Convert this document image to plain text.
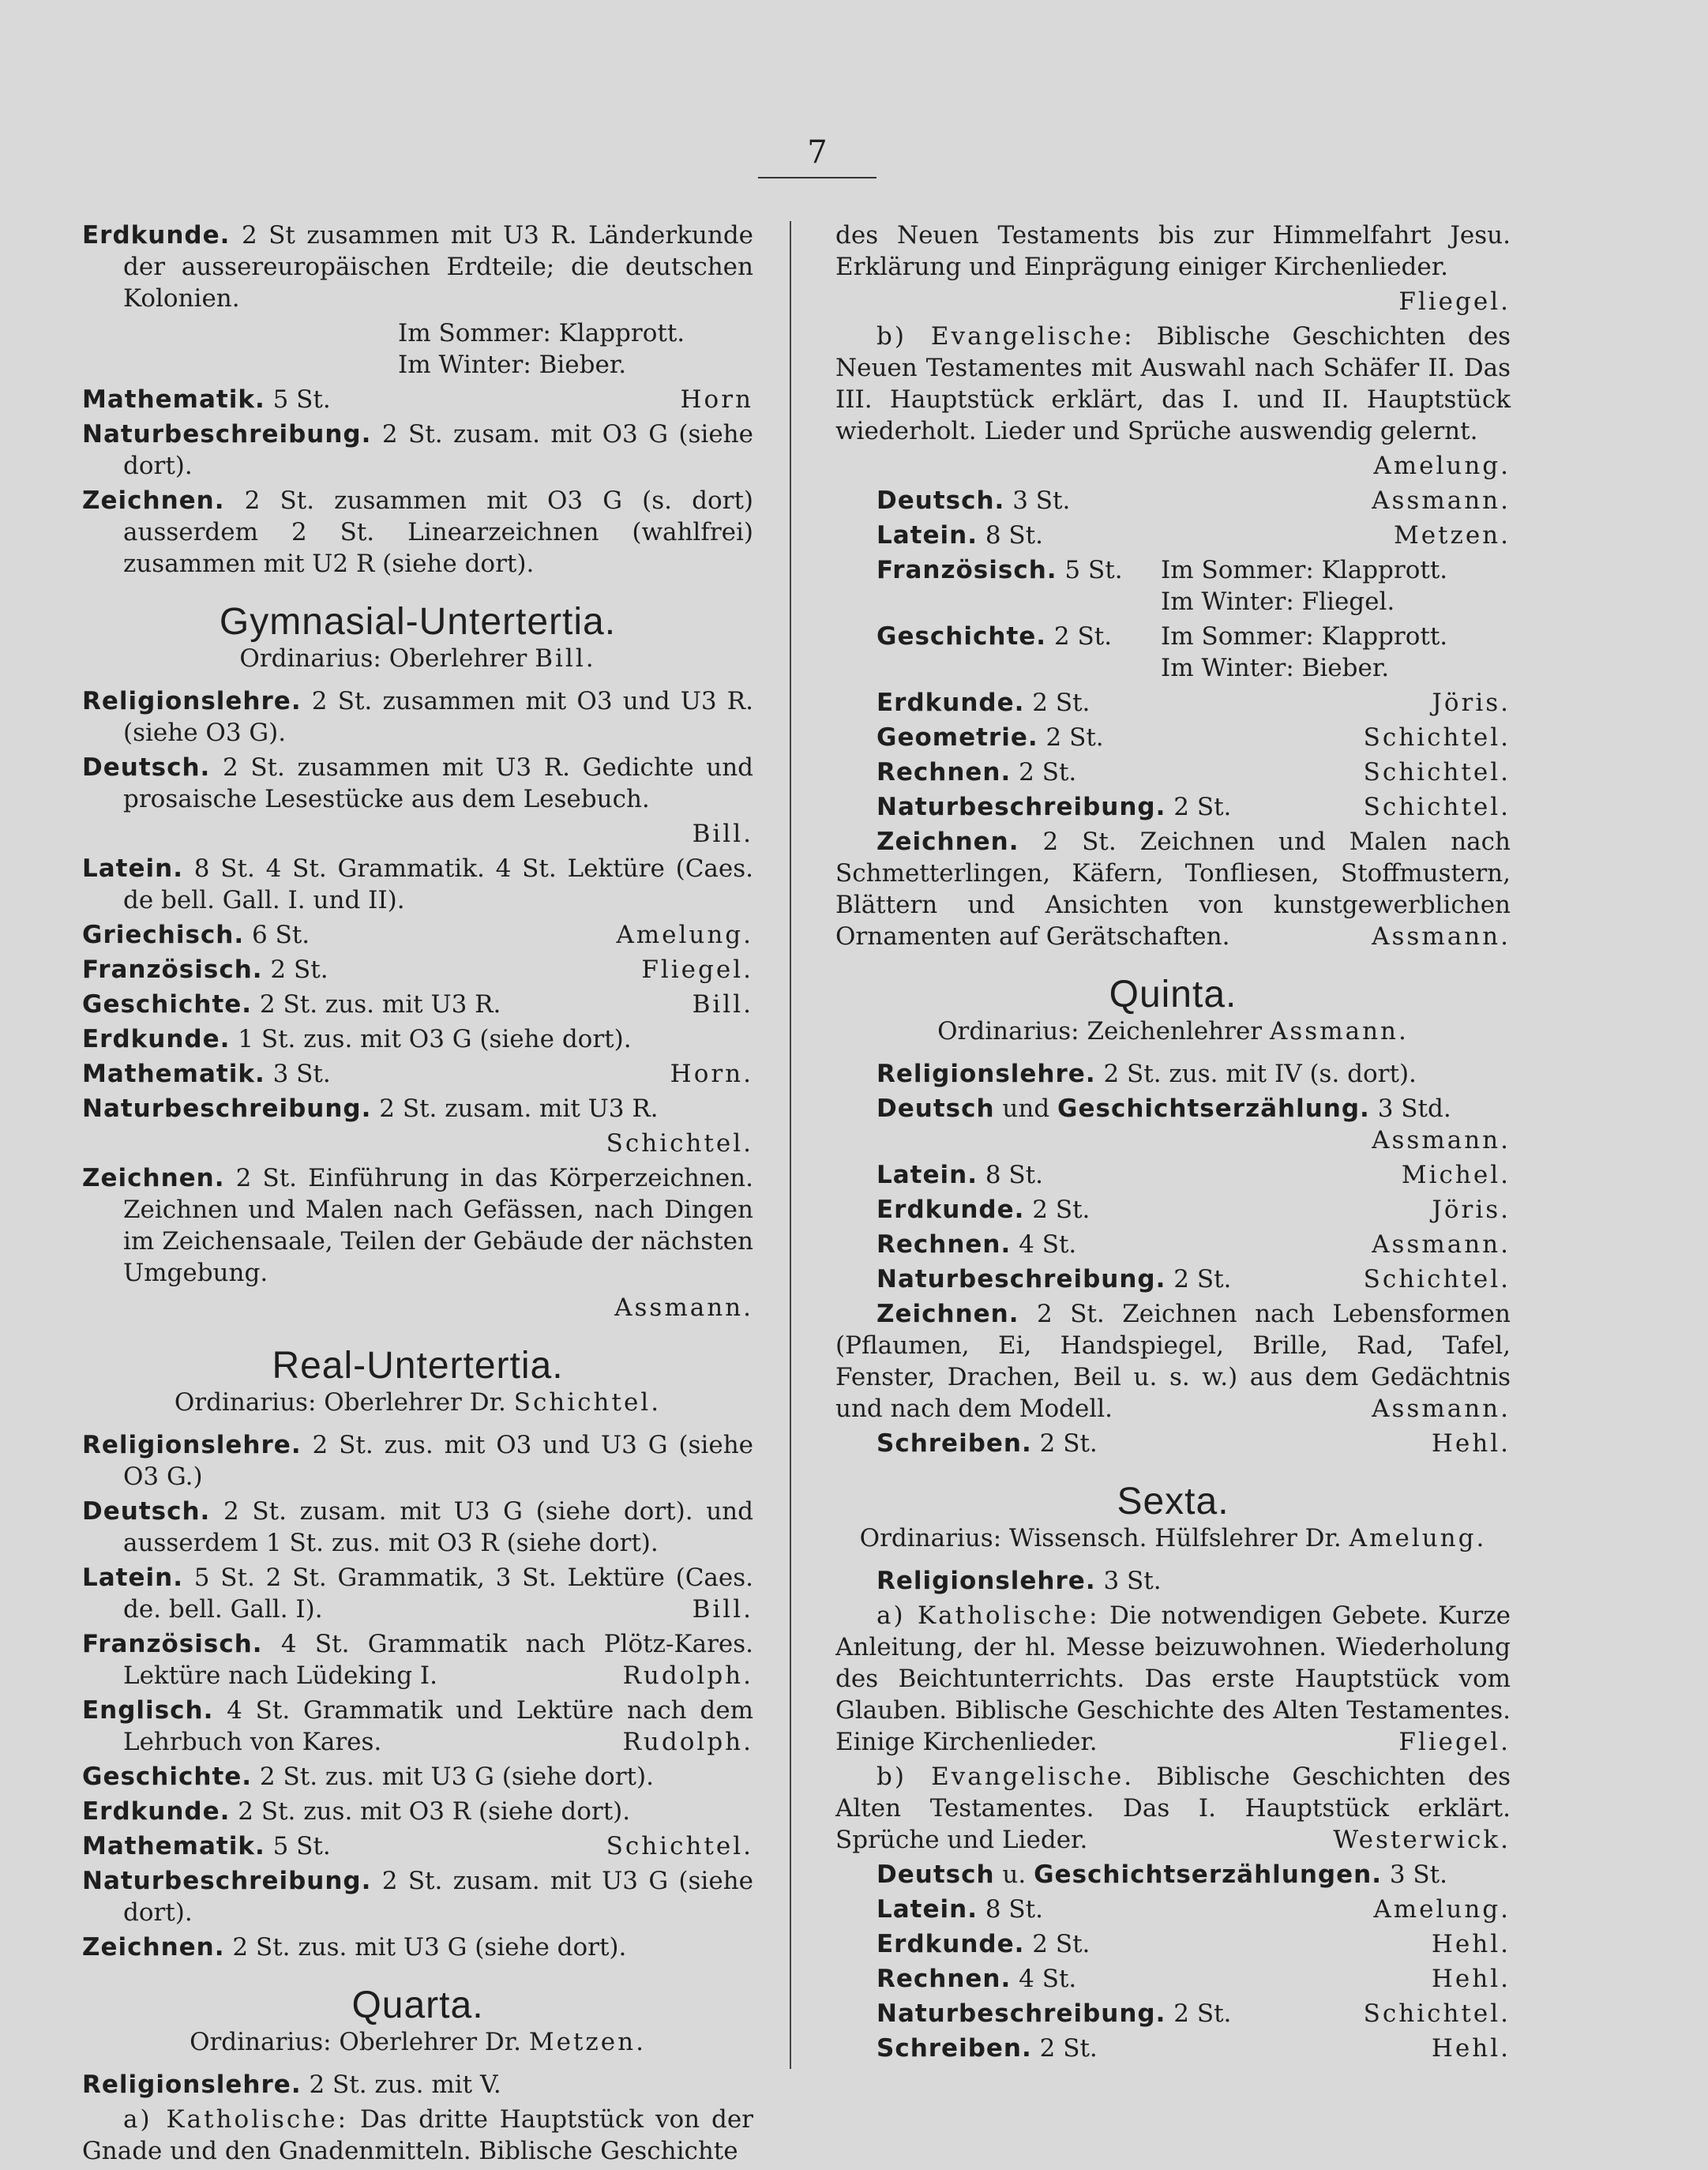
7
Erdkunde. 2 St zusammen mit U3 R. Länderkunde der aussereuropäischen Erdteile; die deutschen Kolonien.
Im Sommer: Klapprott.
Im Winter: Bieber.
Mathematik. 5 St.	Horn
Naturbeschreibung. 2 St. zusam. mit O3 G (siehe dort).
Zeichnen. 2 St. zusammen mit O3 G (s. dort) ausserdem 2 St. Linearzeichnen (wahlfrei) zusammen mit U2 R (siehe dort).
Gymnasial-Untertertia.
Ordinarius: Oberlehrer Bill.
Religionslehre. 2 St. zusammen mit O3 und U3 R. (siehe O3 G).
Deutsch. 2 St. zusammen mit U3 R. Gedichte und prosaische Lesestücke aus dem Lesebuch.
Bill.
Latein. 8 St. 4 St. Grammatik. 4 St. Lektüre (Caes. de bell. Gall. I. und II).
Griechisch. 6 St.	Amelung.
Französisch. 2 St.	Fliegel.
Geschichte. 2 St. zus. mit U3 R.	Bill.
Erdkunde. 1 St. zus. mit O3 G (siehe dort).
Mathematik. 3 St.	Horn.
Naturbeschreibung. 2 St. zusam. mit U3 R.
Schichtel.
Zeichnen. 2 St. Einführung in das Körperzeichnen. Zeichnen und Malen nach Gefässen, nach Dingen im Zeichensaale, Teilen der Gebäude der nächsten Umgebung.
Assmann.
Real-Untertertia.
Ordinarius: Oberlehrer Dr. Schichtel.
Religionslehre. 2 St. zus. mit O3 und U3 G (siehe O3 G.)
Deutsch. 2 St. zusam. mit U3 G (siehe dort). und ausserdem 1 St. zus. mit O3 R (siehe dort).
Latein. 5 St. 2 St. Grammatik, 3 St. Lektüre (Caes. de. bell. Gall. I).	Bill.
Französisch. 4 St. Grammatik nach Plötz-Kares. Lektüre nach Lüdeking I.	Rudolph.
Englisch. 4 St. Grammatik und Lektüre nach dem Lehrbuch von Kares.	Rudolph.
Geschichte. 2 St. zus. mit U3 G (siehe dort).
Erdkunde. 2 St. zus. mit O3 R (siehe dort).
Mathematik. 5 St.	Schichtel.
Naturbeschreibung. 2 St. zusam. mit U3 G (siehe dort).
Zeichnen. 2 St. zus. mit U3 G (siehe dort).
Quarta.
Ordinarius: Oberlehrer Dr. Metzen.
Religionslehre. 2 St. zus. mit V.
a) Katholische: Das dritte Hauptstück von der Gnade und den Gnadenmitteln. Biblische Geschichte
des Neuen Testaments bis zur Himmelfahrt Jesu. Erklärung und Einprägung einiger Kirchenlieder.
Fliegel.
b) Evangelische: Biblische Geschichten des Neuen Testamentes mit Auswahl nach Schäfer II. Das III. Hauptstück erklärt, das I. und II. Hauptstück wiederholt. Lieder und Sprüche auswendig gelernt.
Amelung.
Deutsch. 3 St.	Assmann.
Latein. 8 St.	Metzen.
Französisch. 5 St.	Im Sommer: Klapprott.
Im Winter: Fliegel.
Geschichte. 2 St.	Im Sommer: Klapprott.
Im Winter: Bieber.
Erdkunde. 2 St.	Jöris.
Geometrie. 2 St.	Schichtel.
Rechnen. 2 St.	Schichtel.
Naturbeschreibung. 2 St.	Schichtel.
Zeichnen. 2 St. Zeichnen und Malen nach Schmetterlingen, Käfern, Tonfliesen, Stoffmustern, Blättern und Ansichten von kunstgewerblichen Ornamenten auf Gerätschaften.	Assmann.
Quinta.
Ordinarius: Zeichenlehrer Assmann.
Religionslehre. 2 St. zus. mit IV (s. dort).
Deutsch und Geschichtserzählung. 3 Std.
Assmann.
Latein. 8 St.	Michel.
Erdkunde. 2 St.	Jöris.
Rechnen. 4 St.	Assmann.
Naturbeschreibung. 2 St.	Schichtel.
Zeichnen. 2 St. Zeichnen nach Lebensformen (Pflaumen, Ei, Handspiegel, Brille, Rad, Tafel, Fenster, Drachen, Beil u. s. w.) aus dem Gedächtnis und nach dem Modell.	Assmann.
Schreiben. 2 St.	Hehl.
Sexta.
Ordinarius: Wissensch. Hülfslehrer Dr. Amelung.
Religionslehre. 3 St.
a) Katholische: Die notwendigen Gebete. Kurze Anleitung, der hl. Messe beizuwohnen. Wiederholung des Beichtunterrichts. Das erste Hauptstück vom Glauben. Biblische Geschichte des Alten Testamentes. Einige Kirchenlieder.	Fliegel.
b) Evangelische. Biblische Geschichten des Alten Testamentes. Das I. Hauptstück erklärt. Sprüche und Lieder.	Westerwick.
Deutsch u. Geschichtserzählungen. 3 St.
Latein. 8 St.	Amelung.
Erdkunde. 2 St.	Hehl.
Rechnen. 4 St.	Hehl.
Naturbeschreibung. 2 St.	Schichtel.
Schreiben. 2 St.	Hehl.
